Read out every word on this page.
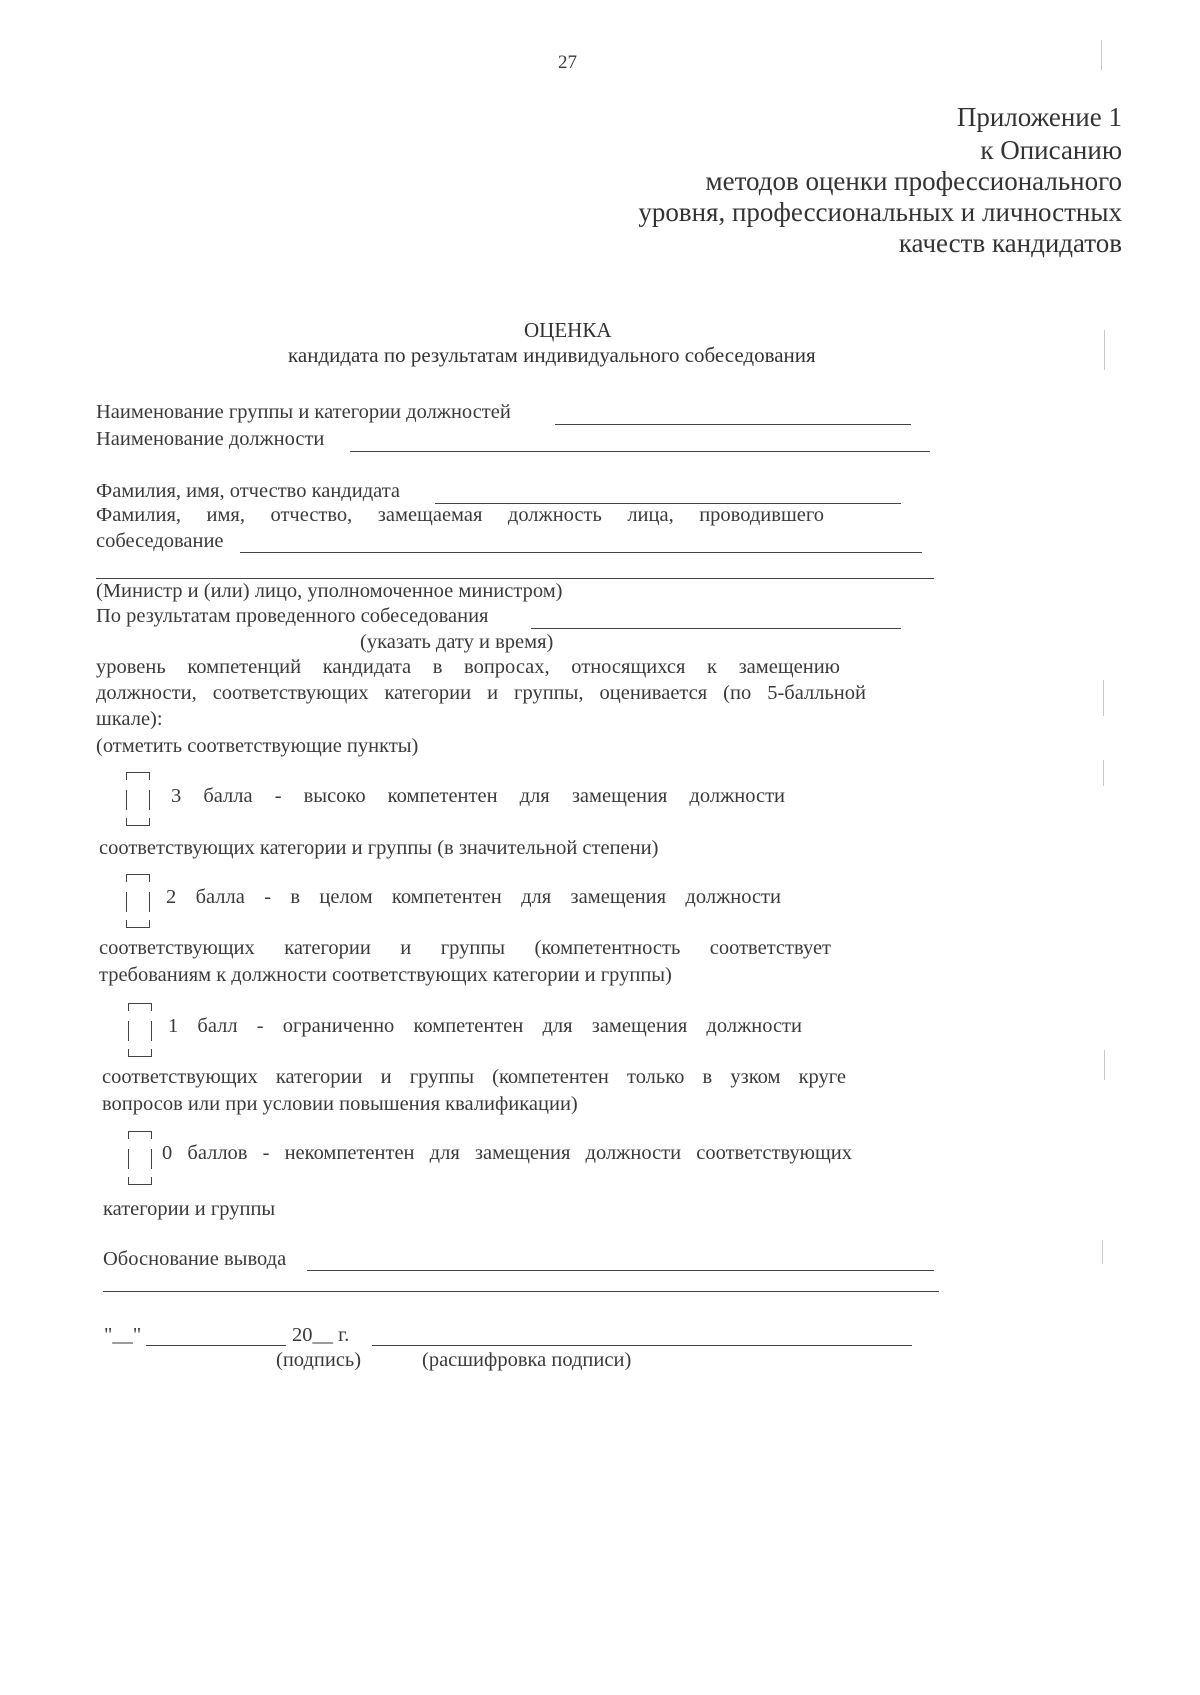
27
Приложение 1
к Описанию
методов оценки профессионального
уровня, профессиональных и личностных
качеств кандидатов
ОЦЕНКА
кандидата по результатам индивидуального собеседования
Наименование группы и категории должностей
Наименование должности
Фамилия, имя, отчество кандидата
Фамилия, имя, отчество, замещаемая должность лица, проводившего
собеседование
(Министр и (или) лицо, уполномоченное министром)
По результатам проведенного собеседования
(указать дату и время)
уровень компетенций кандидата в вопросах, относящихся к замещению
должности, соответствующих категории и группы, оценивается (по 5-балльной
шкале):
(отметить соответствующие пункты)
3 балла - высоко компетентен для замещения должности
соответствующих категории и группы (в значительной степени)
2 балла - в целом компетентен для замещения должности
соответствующих категории и группы (компетентность соответствует
требованиям к должности соответствующих категории и группы)
1 балл - ограниченно компетентен для замещения должности
соответствующих категории и группы (компетентен только в узком круге
вопросов или при условии повышения квалификации)
0 баллов - некомпетентен для замещения должности соответствующих
категории и группы
Обоснование вывода
"__"	20__ г.
(подпись)	(расшифровка подписи)
